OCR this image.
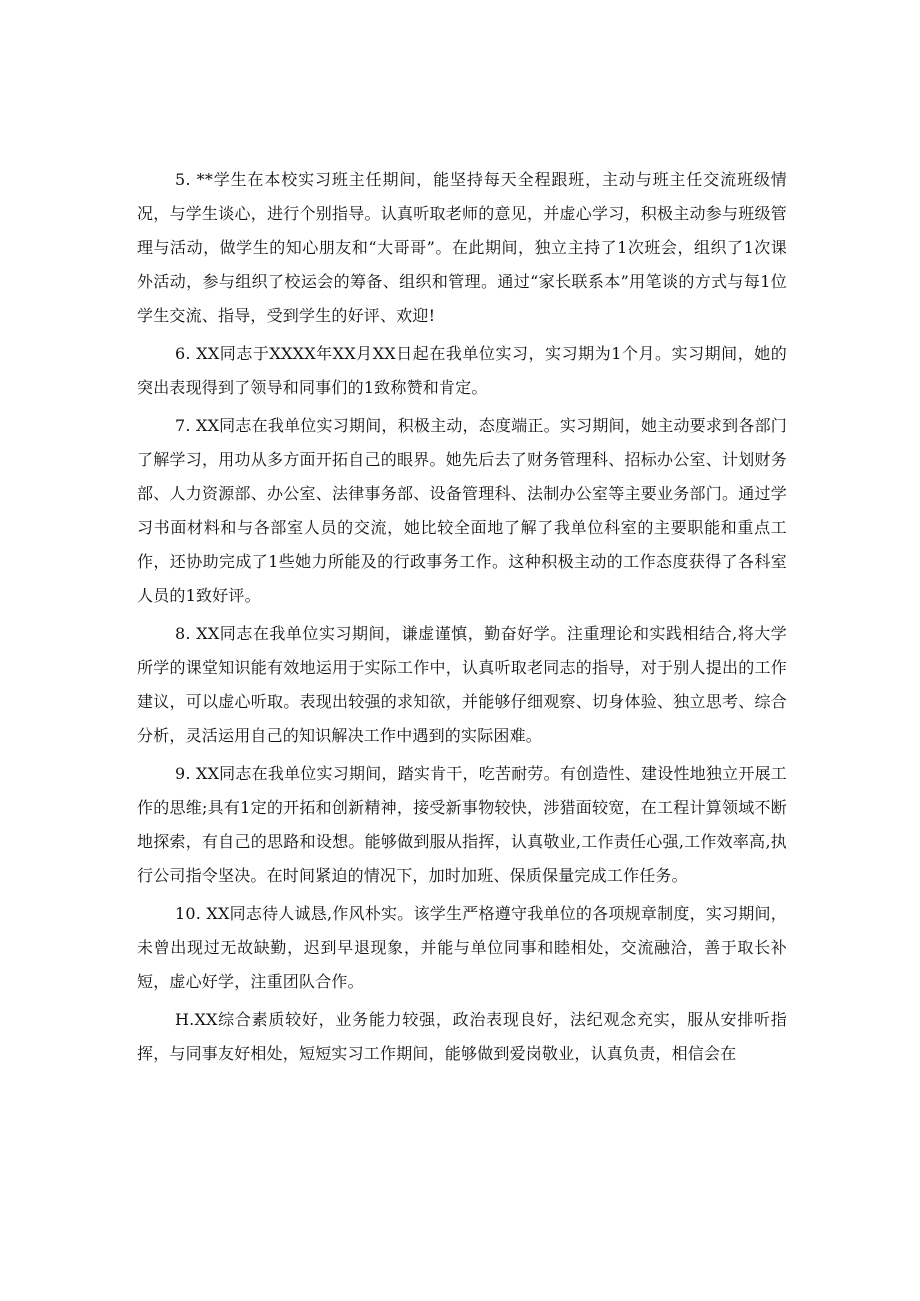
5. **学生在本校实习班主任期间，能坚持每天全程跟班，主动与班主任交流班级情况，与学生谈心，进行个别指导。认真听取老师的意见，并虚心学习，积极主动参与班级管理与活动，做学生的知心朋友和“大哥哥”。在此期间，独立主持了1次班会，组织了1次课外活动，参与组织了校运会的筹备、组织和管理。通过“家长联系本”用笔谈的方式与每1位学生交流、指导，受到学生的好评、欢迎!

6. XX同志于XXXX年XX月XX日起在我单位实习，实习期为1个月。实习期间，她的突出表现得到了领导和同事们的1致称赞和肯定。

7. XX同志在我单位实习期间，积极主动，态度端正。实习期间，她主动要求到各部门了解学习，用功从多方面开拓自己的眼界。她先后去了财务管理科、招标办公室、计划财务部、人力资源部、办公室、法律事务部、设备管理科、法制办公室等主要业务部门。通过学习书面材料和与各部室人员的交流，她比较全面地了解了我单位科室的主要职能和重点工作，还协助完成了1些她力所能及的行政事务工作。这种积极主动的工作态度获得了各科室人员的1致好评。

8. XX同志在我单位实习期间，谦虚谨慎，勤奋好学。注重理论和实践相结合,将大学所学的课堂知识能有效地运用于实际工作中，认真听取老同志的指导，对于别人提出的工作建议，可以虚心听取。表现出较强的求知欲，并能够仔细观察、切身体验、独立思考、综合分析，灵活运用自己的知识解决工作中遇到的实际困难。

9. XX同志在我单位实习期间，踏实肯干，吃苦耐劳。有创造性、建设性地独立开展工作的思维;具有1定的开拓和创新精神，接受新事物较快，涉猎面较宽，在工程计算领域不断地探索，有自己的思路和设想。能够做到服从指挥，认真敬业,工作责任心强,工作效率高,执行公司指令坚决。在时间紧迫的情况下，加时加班、保质保量完成工作任务。

10. XX同志待人诚恳,作风朴实。该学生严格遵守我单位的各项规章制度，实习期间，未曾出现过无故缺勤，迟到早退现象，并能与单位同事和睦相处，交流融洽，善于取长补短，虚心好学，注重团队合作。

H.XX综合素质较好，业务能力较强，政治表现良好，法纪观念充实，服从安排听指挥，与同事友好相处，短短实习工作期间，能够做到爱岗敬业，认真负责，相信会在
